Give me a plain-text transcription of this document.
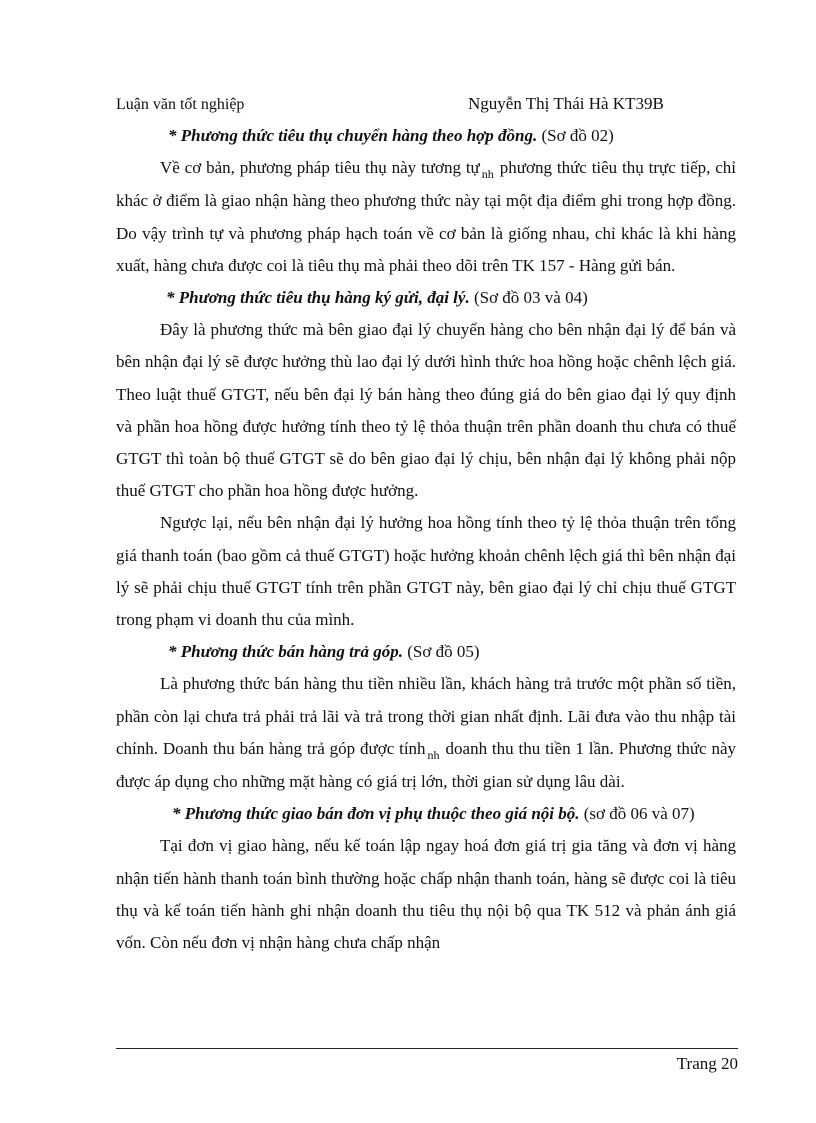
Luận văn tốt nghiệp	Nguyễn Thị Thái Hà KT39B

* Phương thức tiêu thụ chuyển hàng theo hợp đồng. (Sơ đồ 02)

Về cơ bản, phương pháp tiêu thụ này tương tự $_{nh}$ phương thức tiêu thụ trực tiếp, chỉ khác ở điểm là giao nhận hàng theo phương thức này tại một địa điểm ghi trong hợp đồng. Do vậy trình tự và phương pháp hạch toán về cơ bản là giống nhau, chỉ khác là khi hàng xuất, hàng chưa được coi là tiêu thụ mà phải theo dõi trên TK 157 - Hàng gửi bán.

* Phương thức tiêu thụ hàng ký gửi, đại lý. (Sơ đồ 03 và 04)

Đây là phương thức mà bên giao đại lý chuyển hàng cho bên nhận đại lý để bán và bên nhận đại lý sẽ được hưởng thù lao đại lý dưới hình thức hoa hồng hoặc chênh lệch giá. Theo luật thuế GTGT, nếu bên đại lý bán hàng theo đúng giá do bên giao đại lý quy định và phần hoa hồng được hưởng tính theo tỷ lệ thỏa thuận trên phần doanh thu chưa có thuế GTGT thì toàn bộ thuế GTGT sẽ do bên giao đại lý chịu, bên nhận đại lý không phải nộp thuế GTGT cho phần hoa hồng được hưởng.

Ngược lại, nếu bên nhận đại lý hưởng hoa hồng tính theo tỷ lệ thỏa thuận trên tổng giá thanh toán (bao gồm cả thuế GTGT) hoặc hưởng khoản chênh lệch giá thì bên nhận đại lý sẽ phải chịu thuế GTGT tính trên phần GTGT này, bên giao đại lý chỉ chịu thuế GTGT trong phạm vi doanh thu của mình.

* Phương thức bán hàng trả góp. (Sơ đồ 05)

Là phương thức bán hàng thu tiền nhiều lần, khách hàng trả trước một phần số tiền, phần còn lại chưa trả phải trả lãi và trả trong thời gian nhất định. Lãi đưa vào thu nhập tài chính. Doanh thu bán hàng trả góp được tính $_{nh}$ doanh thu thu tiền 1 lần. Phương thức này được áp dụng cho những mặt hàng có giá trị lớn, thời gian sử dụng lâu dài.

* Phương thức giao bán đơn vị phụ thuộc theo giá nội bộ. (sơ đồ 06 và 07)

Tại đơn vị giao hàng, nếu kế toán lập ngay hoá đơn giá trị gia tăng và đơn vị hàng nhận tiến hành thanh toán bình thường hoặc chấp nhận thanh toán, hàng sẽ được coi là tiêu thụ và kế toán tiến hành ghi nhận doanh thu tiêu thụ nội bộ qua TK 512 và phản ánh giá vốn. Còn nếu đơn vị nhận hàng chưa chấp nhận

Trang 20
